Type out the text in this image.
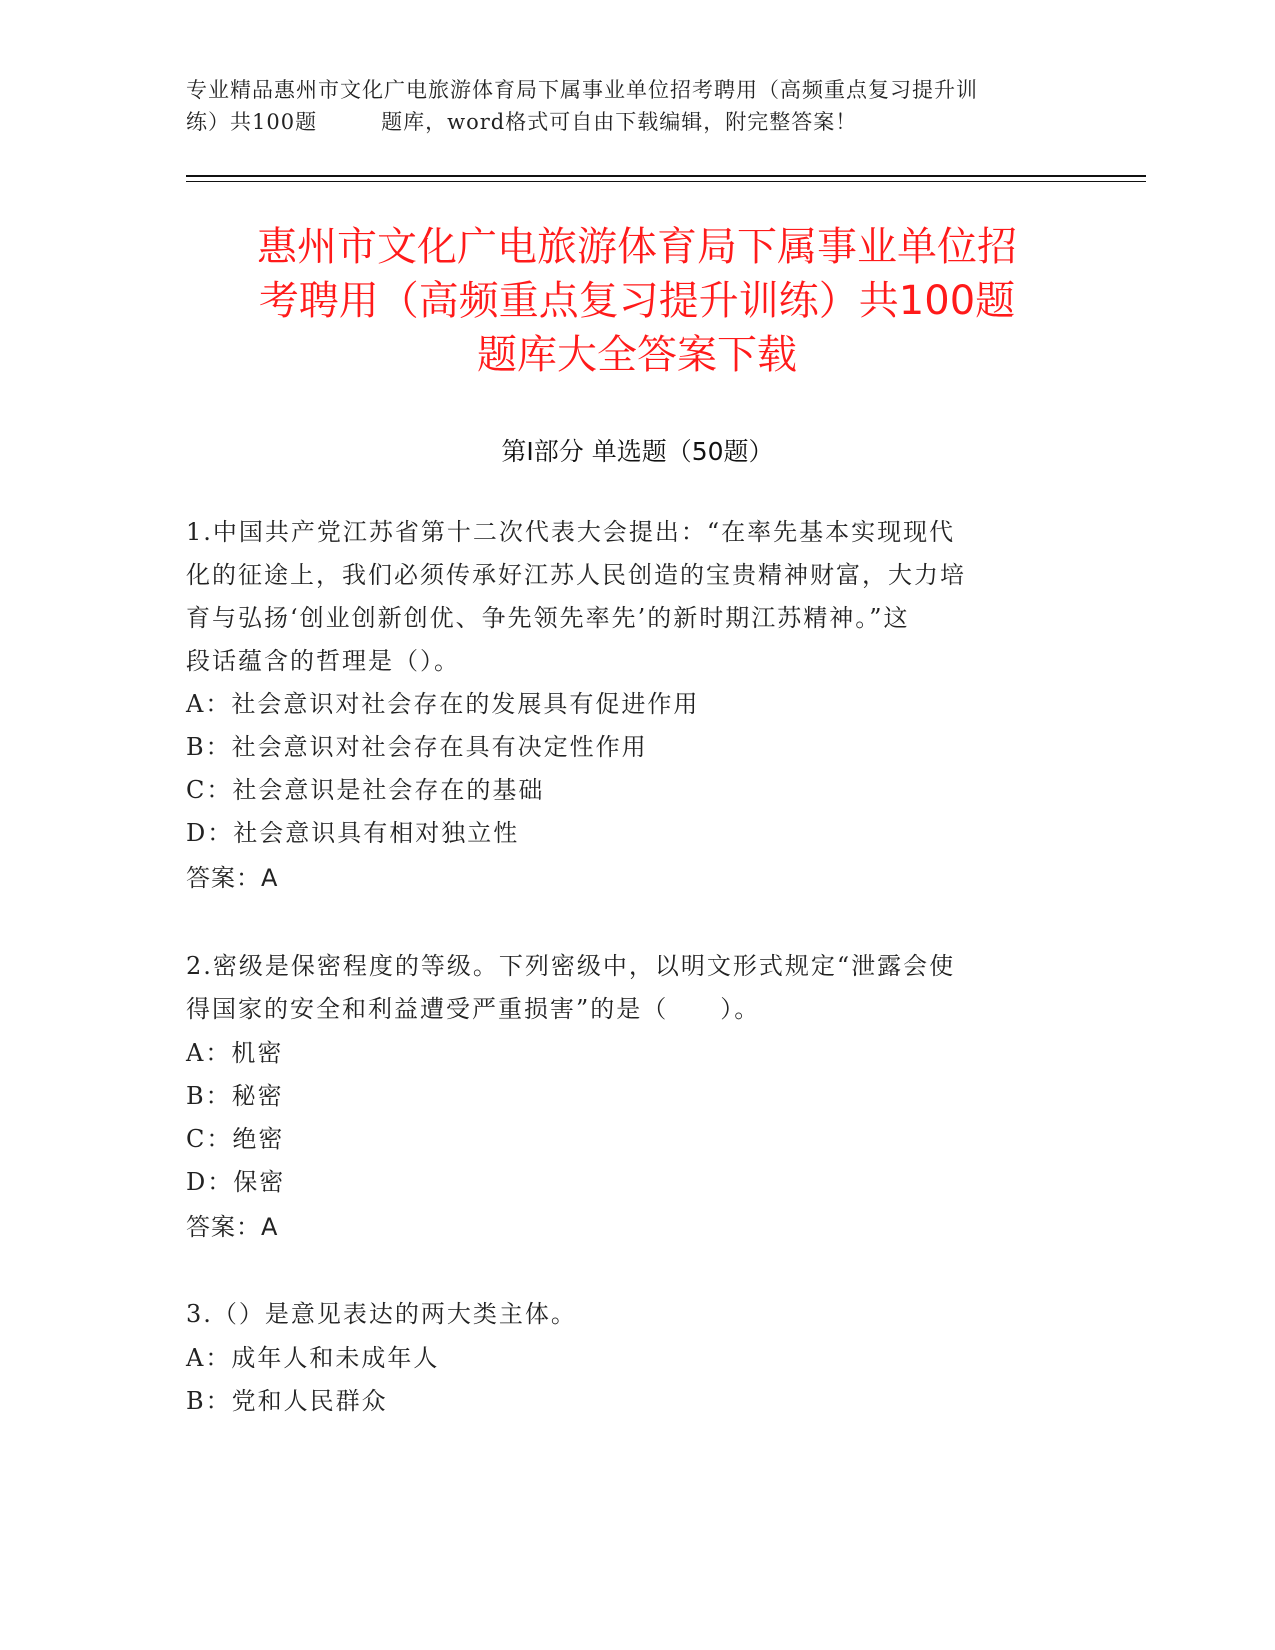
专业精品惠州市文化广电旅游体育局下属事业单位招考聘用（高频重点复习提升训
练）共100题	题库，word格式可自由下载编辑，附完整答案！
惠州市文化广电旅游体育局下属事业单位招
考聘用（高频重点复习提升训练）共100题
题库大全答案下载
第Ⅰ部分 单选题（50题）
1.中国共产党江苏省第十二次代表大会提出：“在率先基本实现现代
化的征途上，我们必须传承好江苏人民创造的宝贵精神财富，大力培
育与弘扬‘创业创新创优、争先领先率先’的新时期江苏精神。”这
段话蕴含的哲理是（）。
A：社会意识对社会存在的发展具有促进作用
B：社会意识对社会存在具有决定性作用
C：社会意识是社会存在的基础
D：社会意识具有相对独立性
答案：A
2.密级是保密程度的等级。下列密级中，以明文形式规定“泄露会使
得国家的安全和利益遭受严重损害”的是（　　）。
A：机密
B：秘密
C：绝密
D：保密
答案：A
3.（）是意见表达的两大类主体。
A：成年人和未成年人
B：党和人民群众
